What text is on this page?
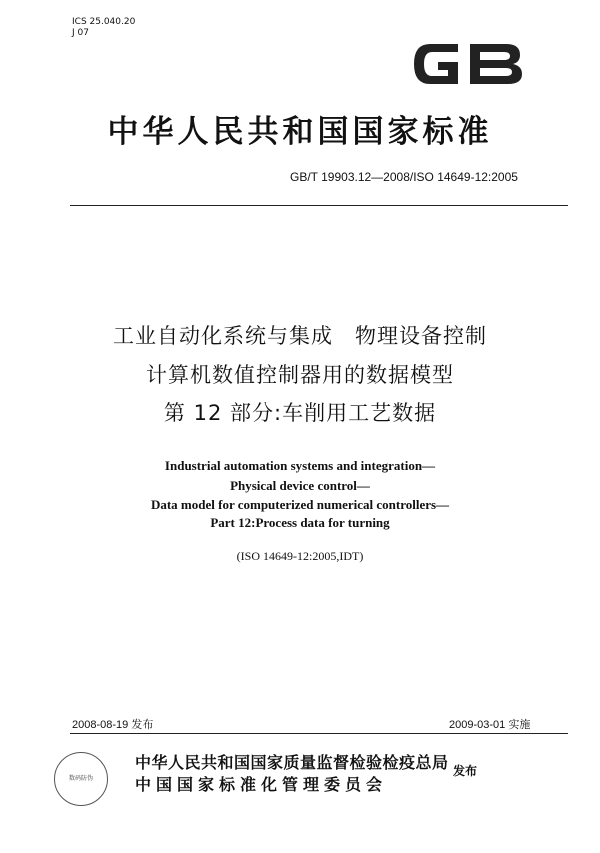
ICS 25.040.20
J 07
中华人民共和国国家标准
GB/T 19903.12—2008/ISO 14649-12:2005
工业自动化系统与集成　物理设备控制
计算机数值控制器用的数据模型
第 12 部分:车削用工艺数据
Industrial automation systems and integration—
Physical device control—
Data model for computerized numerical controllers—
Part 12:Process data for turning
(ISO 14649-12:2005,IDT)
2008-08-19 发布	2009-03-01 实施
数码防伪
中华人民共和国国家质量监督检验检疫总局
中国国家标准化管理委员会
发布
